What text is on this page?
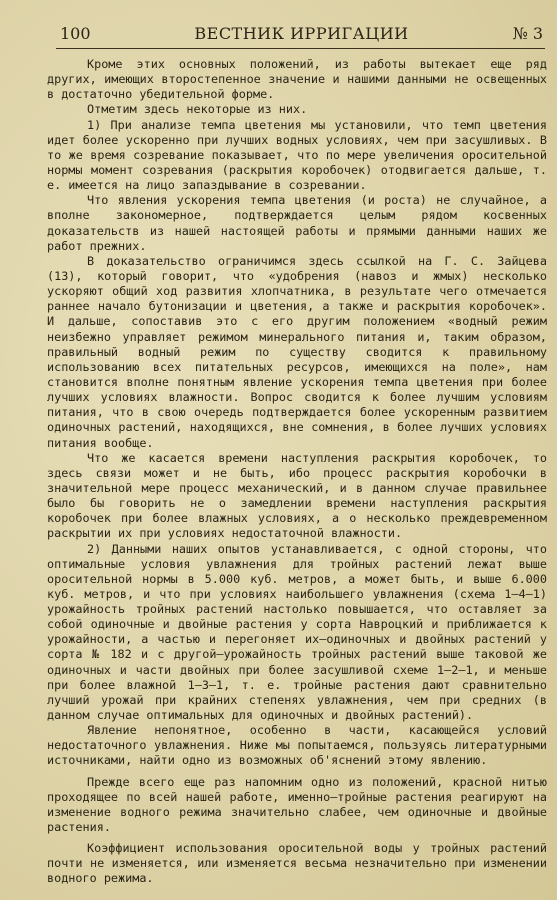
100	ВЕСТНИК ИРРИГАЦИИ	№ 3

Кроме этих основных положений, из работы вытекает еще ряд других, имеющих второстепенное значение и нашими данными не освещенных в достаточно убедительной форме.

Отметим здесь некоторые из них.

1) При анализе темпа цветения мы установили, что темп цветения идет более ускоренно при лучших водных условиях, чем при засушливых. В то же время созревание показывает, что по мере увеличения оросительной нормы момент созревания (раскрытия коробочек) отодвигается дальше, т. е. имеется на лицо запаздывание в созревании.

Что явления ускорения темпа цветения (и роста) не случайное, а вполне закономерное, подтверждается целым рядом косвенных доказательств из нашей настоящей работы и прямыми данными наших же работ прежних.

В доказательство ограничимся здесь ссылкой на Г. С. Зайцева (13), который говорит, что «удобрения (навоз и жмых) несколько ускоряют общий ход развития хлопчатника, в результате чего отмечается раннее начало бутонизации и цветения, а также и раскрытия коробочек». И дальше, сопоставив это с его другим положением «водный режим неизбежно управляет режимом минерального питания и, таким образом, правильный водный режим по существу сводится к правильному использованию всех питательных ресурсов, имеющихся на поле», нам становится вполне понятным явление ускорения темпа цветения при более лучших условиях влажности. Вопрос сводится к более лучшим условиям питания, что в свою очередь подтверждается более ускоренным развитием одиночных растений, находящихся, вне сомнения, в более лучших условиях питания вообще.

Что же касается времени наступления раскрытия коробочек, то здесь связи может и не быть, ибо процесс раскрытия коробочки в значительной мере процесс механический, и в данном случае правильнее было бы говорить не о замедлении времени наступления раскрытия коробочек при более влажных условиях, а о несколько преждевременном раскрытии их при условиях недостаточной влажности.

2) Данными наших опытов устанавливается, с одной стороны, что оптимальные условия увлажнения для тройных растений лежат выше оросительной нормы в 5.000 куб. метров, а может быть, и выше 6.000 куб. метров, и что при условиях наибольшего увлажнения (схема 1—4—1) урожайность тройных растений настолько повышается, что оставляет за собой одиночные и двойные растения у сорта Навроцкий и приближается к урожайности, а частью и перегоняет их—одиночных и двойных растений у сорта № 182 и с другой—урожайность тройных растений выше таковой же одиночных и части двойных при более засушливой схеме 1—2—1, и меньше при более влажной 1—3—1, т. е. тройные растения дают сравнительно лучший урожай при крайних степенях увлажнения, чем при средних (в данном случае оптимальных для одиночных и двойных растений).

Явление непонятное, особенно в части, касающейся условий недостаточного увлажнения. Ниже мы попытаемся, пользуясь литературными источниками, найти одно из возможных об'яснений этому явлению.

Прежде всего еще раз напомним одно из положений, красной нитью проходящее по всей нашей работе, именно—тройные растения реагируют на изменение водного режима значительно слабее, чем одиночные и двойные растения.

Коэффициент использования оросительной воды у тройных растений почти не изменяется, или изменяется весьма незначительно при изменении водного режима.
